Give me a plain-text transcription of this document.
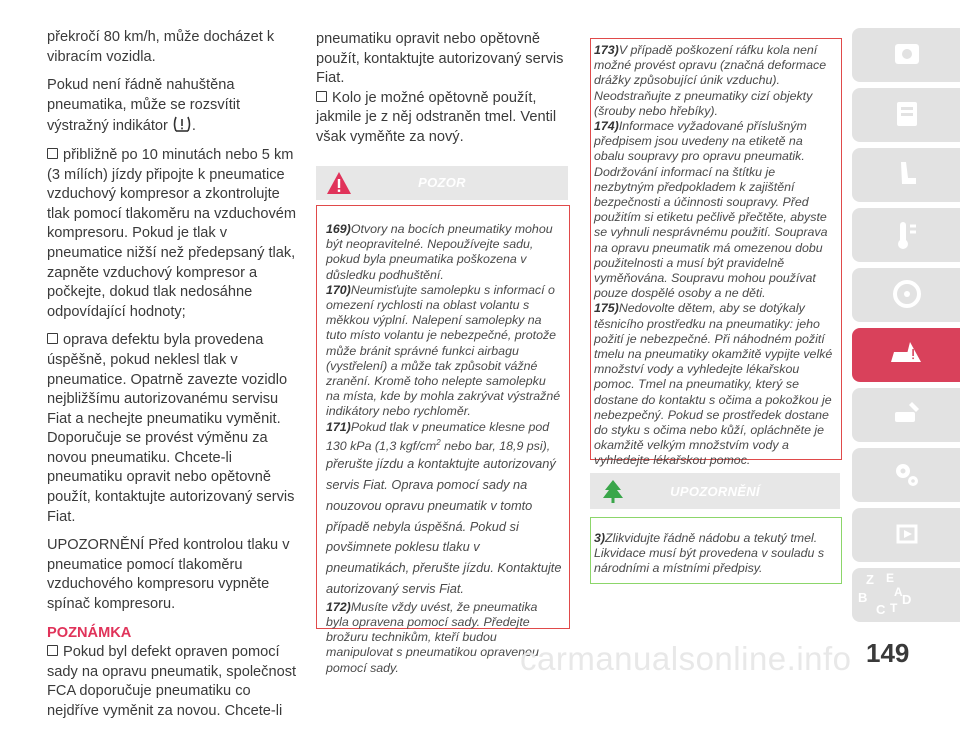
překročí 80 km/h, může docházet k vibracím vozidla.

Pokud není řádně nahuštěna pneumatika, může se rozsvítit výstražný indikátor .

přibližně po 10 minutách nebo 5 km (3 mílích) jízdy připojte k pneumatice vzduchový kompresor a zkontrolujte tlak pomocí tlakoměru na vzduchovém kompresoru. Pokud je tlak v pneumatice nižší než předepsaný tlak, zapněte vzduchový kompresor a počkejte, dokud tlak nedosáhne odpovídající hodnoty;

oprava defektu byla provedena úspěšně, pokud neklesl tlak v pneumatice. Opatrně zavezte vozidlo nejbližšímu autorizovanému servisu Fiat a nechejte pneumatiku vyměnit. Doporučuje se provést výměnu za novou pneumatiku. Chcete-li pneumatiku opravit nebo opětovně použít, kontaktujte autorizovaný servis Fiat.

UPOZORNĚNÍ Před kontrolou tlaku v pneumatice pomocí tlakoměru vzduchového kompresoru vypněte spínač kompresoru.

POZNÁMKA

Pokud byl defekt opraven pomocí sady na opravu pneumatik, společnost FCA doporučuje pneumatiku co nejdříve vyměnit za novou. Chcete-li

pneumatiku opravit nebo opětovně použít, kontaktujte autorizovaný servis Fiat.

Kolo je možné opětovně použít, jakmile je z něj odstraněn tmel. Ventil však vyměňte za nový.

POZOR
169)Otvory na bocích pneumatiky mohou být neopravitelné. Nepoužívejte sadu, pokud byla pneumatika poškozena v důsledku podhuštění.
170)Neumisťujte samolepku s informací o omezení rychlosti na oblast volantu s měkkou výplní. Nalepení samolepky na tuto místo volantu je nebezpečné, protože může bránit správné funkci airbagu (vystřelení) a může tak způsobit vážné zranění. Kromě toho nelepte samolepku na místa, kde by mohla zakrývat výstražné indikátory nebo rychloměr.
171)Pokud tlak v pneumatice klesne pod 130 kPa (1,3 kgf/$cm^2$ nebo bar, 18,9 psi),
přerušte jízdu a kontaktujte autorizovaný servis Fiat. Oprava pomocí sady na nouzovou opravu pneumatik v tomto případě nebyla úspěšná. Pokud si povšimnete poklesu tlaku v pneumatikách, přerušte jízdu. Kontaktujte autorizovaný servis Fiat.
172)Musíte vždy uvést, že pneumatika byla opravena pomocí sady. Předejte brožuru technikům, kteří budou manipulovat s pneumatikou opravenou pomocí sady.
173)V případě poškození ráfku kola není možné provést opravu (značná deformace drážky způsobující únik vzduchu). Neodstraňujte z pneumatiky cizí objekty (šrouby nebo hřebíky).
174)Informace vyžadované příslušným předpisem jsou uvedeny na etiketě na obalu soupravy pro opravu pneumatik. Dodržování informací na štítku je nezbytným předpokladem k zajištění bezpečnosti a účinnosti soupravy. Před použitím si etiketu pečlivě přečtěte, abyste se vyhnuli nesprávnému použití. Souprava na opravu pneumatik má omezenou dobu použitelnosti a musí být pravidelně vyměňována. Soupravu mohou používat pouze dospělé osoby a ne děti.
175)Nedovolte dětem, aby se dotýkaly těsnicího prostředku na pneumatiky: jeho požití je nebezpečné. Při náhodném požití tmelu na pneumatiky okamžitě vypijte velké množství vody a vyhledejte lékařskou pomoc. Tmel na pneumatiky, který se dostane do kontaktu s očima a pokožkou je nebezpečný. Pokud se prostředek dostane do styku s očima nebo kůží, opláchněte je okamžitě velkým množstvím vody a vyhledejte lékařskou pomoc.
UPOZORNĚNÍ
3)Zlikvidujte řádně nádobu a tekutý tmel. Likvidace musí být provedena v souladu s národními a místními předpisy.
Z E
B
C T
D
A
carmanualsonline.info 149
